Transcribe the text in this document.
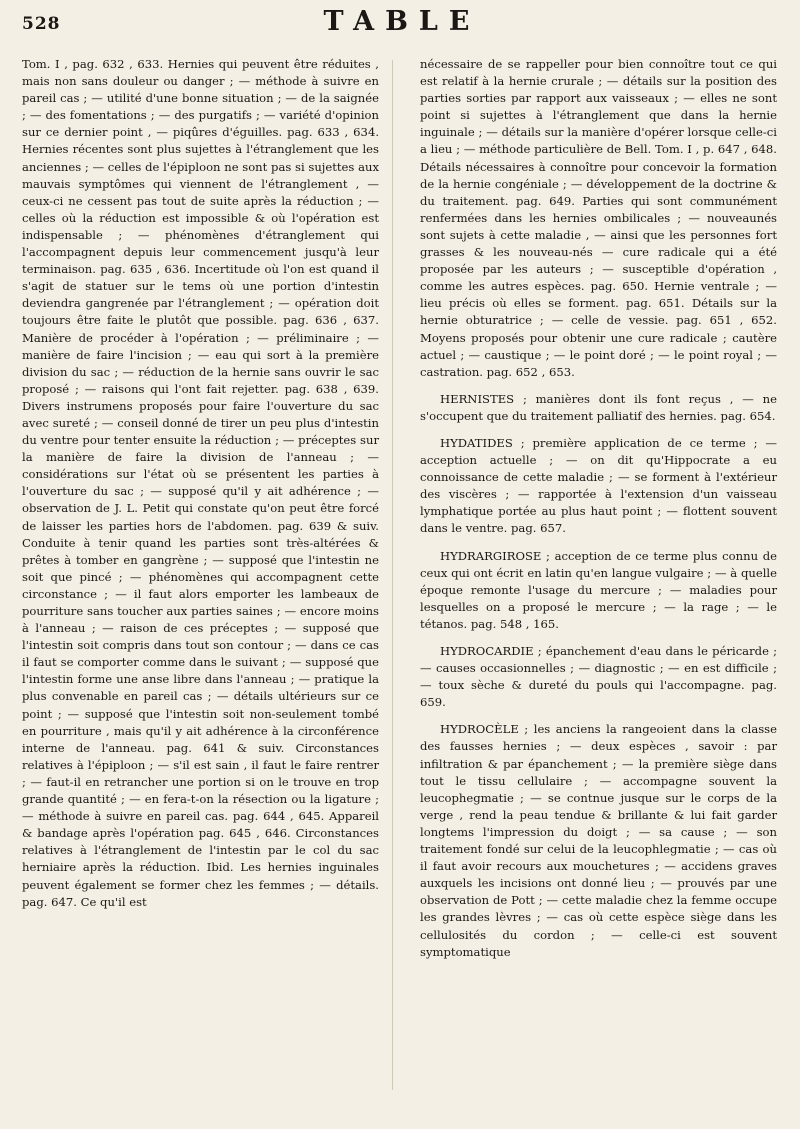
528	TABLE

Tom. I , pag. 632 , 633. Hernies qui peuvent être réduites , mais non sans douleur ou danger ; — méthode à suivre en pareil cas ; — utilité d'une bonne situation ; — de la saignée ; — des fomentations ; — des purgatifs ; — variété d'opinion sur ce dernier point , — piqûres d'éguilles. pag. 633 , 634. Hernies récentes sont plus sujettes à l'étranglement que les anciennes ; — celles de l'épiploon ne sont pas si sujettes aux mauvais symptômes qui viennent de l'étranglement , — ceux-ci ne cessent pas tout de suite après la réduction ; — celles où la réduction est impossible & où l'opération est indispensable ; — phénomènes d'étranglement qui l'accompagnent depuis leur commencement jusqu'à leur terminaison. pag. 635 , 636. Incertitude où l'on est quand il s'agit de statuer sur le tems où une portion d'intestin deviendra gangrenée par l'étranglement ; — opération doit toujours être faite le plutôt que possible. pag. 636 , 637. Manière de procéder à l'opération ; — préliminaire ; — manière de faire l'incision ; — eau qui sort à la première division du sac ; — réduction de la hernie sans ouvrir le sac proposé ; — raisons qui l'ont fait rejetter. pag. 638 , 639. Divers instrumens proposés pour faire l'ouverture du sac avec sureté ; — conseil donné de tirer un peu plus d'intestin du ventre pour tenter ensuite la réduction ; — préceptes sur la manière de faire la division de l'anneau ; — considérations sur l'état où se présentent les parties à l'ouverture du sac ; — supposé qu'il y ait adhérence ; — observation de J. L. Petit qui constate qu'on peut être forcé de laisser les parties hors de l'abdomen. pag. 639 & suiv. Conduite à tenir quand les parties sont très-altérées & prêtes à tomber en gangrène ; — supposé que l'intestin ne soit que pincé ; — phénomènes qui accompagnent cette circonstance ; — il faut alors emporter les lambeaux de pourriture sans toucher aux parties saines ; — encore moins à l'anneau ; — raison de ces préceptes ; — supposé que l'intestin soit compris dans tout son contour ; — dans ce cas il faut se comporter comme dans le suivant ; — supposé que l'intestin forme une anse libre dans l'anneau ; — pratique la plus convenable en pareil cas ; — détails ultérieurs sur ce point ; — supposé que l'intestin soit non-seulement tombé en pourriture , mais qu'il y ait adhérence à la circonférence interne de l'anneau. pag. 641 & suiv. Circonstances relatives à l'épiploon ; — s'il est sain , il faut le faire rentrer ; — faut-il en retrancher une portion si on le trouve en trop grande quantité ; — en fera-t-on la résection ou la ligature ; — méthode à suivre en pareil cas. pag. 644 , 645. Appareil & bandage après l'opération pag. 645 , 646. Circonstances relatives à l'étranglement de l'intestin par le col du sac herniaire après la réduction. Ibid. Les hernies inguinales peuvent également se former chez les femmes ; — détails. pag. 647. Ce qu'il est

nécessaire de se rappeller pour bien connoître tout ce qui est relatif à la hernie crurale ; — détails sur la position des parties sorties par rapport aux vaisseaux ; — elles ne sont point si sujettes à l'étranglement que dans la hernie inguinale ; — détails sur la manière d'opérer lorsque celle-ci a lieu ; — méthode particulière de Bell. Tom. I , p. 647 , 648. Détails nécessaires à connoître pour concevoir la formation de la hernie congéniale ; — développement de la doctrine & du traitement. pag. 649. Parties qui sont communément renfermées dans les hernies ombilicales ; — nouveaunés sont sujets à cette maladie , — ainsi que les personnes fort grasses & les nouveau-nés — cure radicale qui a été proposée par les auteurs ; — susceptible d'opération , comme les autres espèces. pag. 650. Hernie ventrale ; — lieu précis où elles se forment. pag. 651. Détails sur la hernie obturatrice ; — celle de vessie. pag. 651 , 652. Moyens proposés pour obtenir une cure radicale ; cautère actuel ; — caustique ; — le point doré ; — le point royal ; — castration. pag. 652 , 653.

HERNISTES ; manières dont ils font reçus , — ne s'occupent que du traitement palliatif des hernies. pag. 654.

HYDATIDES ; première application de ce terme ; — acception actuelle ; — on dit qu'Hippocrate a eu connoissance de cette maladie ; — se forment à l'extérieur des viscères ; — rapportée à l'extension d'un vaisseau lymphatique portée au plus haut point ; — flottent souvent dans le ventre. pag. 657.

HYDRARGIROSE ; acception de ce terme plus connu de ceux qui ont écrit en latin qu'en langue vulgaire ; — à quelle époque remonte l'usage du mercure ; — maladies pour lesquelles on a proposé le mercure ; — la rage ; — le tétanos. pag. 548 , 165.

HYDROCARDIE ; épanchement d'eau dans le péricarde ; — causes occasionnelles ; — diagnostic ; — en est difficile ; — toux sèche & dureté du pouls qui l'accompagne. pag. 659.

HYDROCÈLE ; les anciens la rangeoient dans la classe des fausses hernies ; — deux espèces , savoir : par infiltration & par épanchement ; — la première siège dans tout le tissu cellulaire ; — accompagne souvent la leucophegmatie ; — se contnue jusque sur le corps de la verge , rend la peau tendue & brillante & lui fait garder longtems l'impression du doigt ; — sa cause ; — son traitement fondé sur celui de la leucophlegmatie ; — cas où il faut avoir recours aux mouchetures ; — accidens graves auxquels les incisions ont donné lieu ; — prouvés par une observation de Pott ; — cette maladie chez la femme occupe les grandes lèvres ; — cas où cette espèce siège dans les cellulosités du cordon ; — celle-ci est souvent symptomatique
